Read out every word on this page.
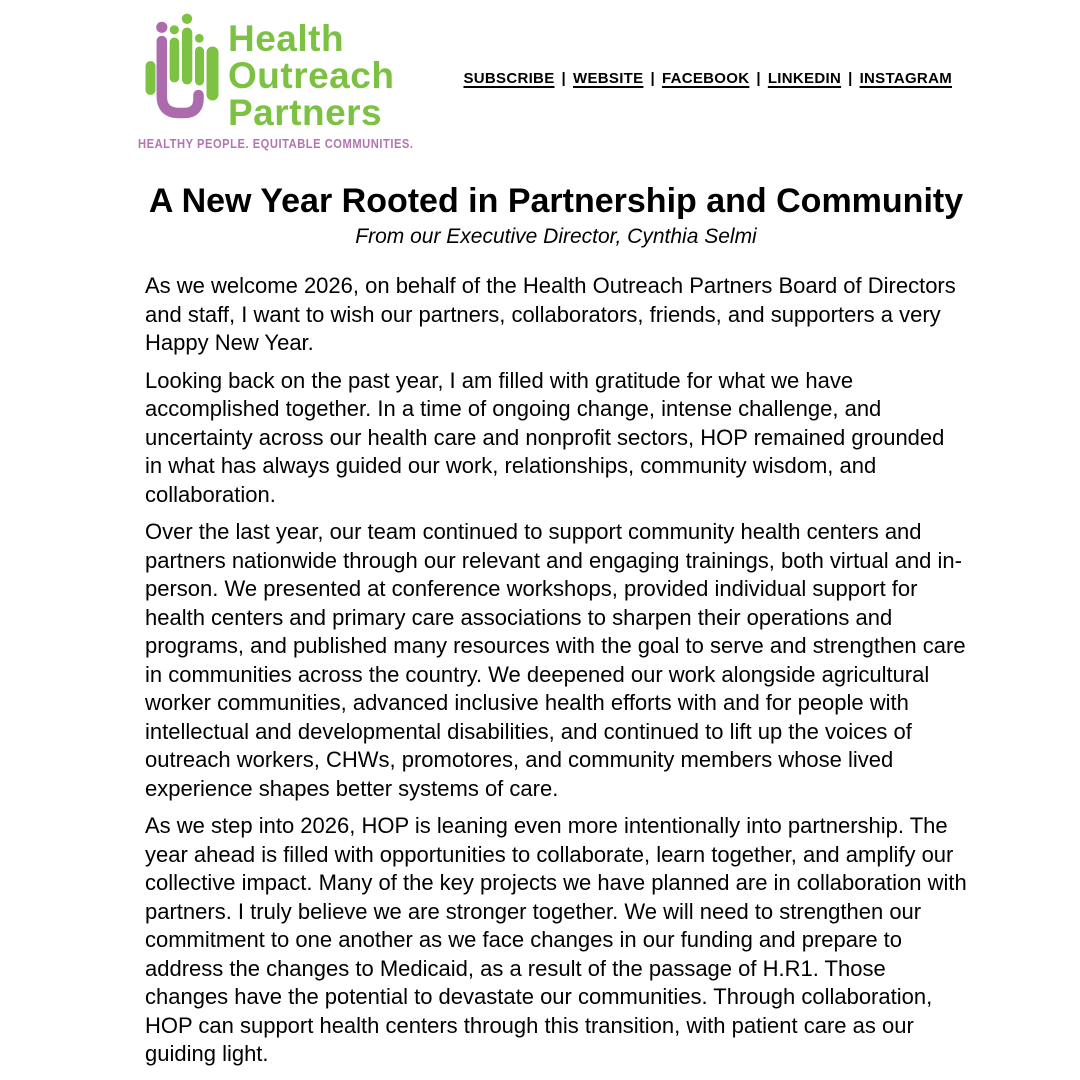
Health
Outreach
Partners
HEALTHY PEOPLE. EQUITABLE COMMUNITIES.
SUBSCRIBE | WEBSITE | FACEBOOK | LINKEDIN | INSTAGRAM
A New Year Rooted in Partnership and Community
From our Executive Director, Cynthia Selmi

As we welcome 2026, on behalf of the Health Outreach Partners Board of Directors and staff, I want to wish our partners, collaborators, friends, and supporters a very Happy New Year.

Looking back on the past year, I am filled with gratitude for what we have accomplished together. In a time of ongoing change, intense challenge, and uncertainty across our health care and nonprofit sectors, HOP remained grounded in what has always guided our work, relationships, community wisdom, and collaboration.

Over the last year, our team continued to support community health centers and partners nationwide through our relevant and engaging trainings, both virtual and in-person. We presented at conference workshops, provided individual support for health centers and primary care associations to sharpen their operations and programs, and published many resources with the goal to serve and strengthen care in communities across the country. We deepened our work alongside agricultural worker communities, advanced inclusive health efforts with and for people with intellectual and developmental disabilities, and continued to lift up the voices of outreach workers, CHWs, promotores, and community members whose lived experience shapes better systems of care.

As we step into 2026, HOP is leaning even more intentionally into partnership. The year ahead is filled with opportunities to collaborate, learn together, and amplify our collective impact. Many of the key projects we have planned are in collaboration with partners. I truly believe we are stronger together. We will need to strengthen our commitment to one another as we face changes in our funding and prepare to address the changes to Medicaid, as a result of the passage of H.R1. Those changes have the potential to devastate our communities. Through collaboration, HOP can support health centers through this transition, with patient care as our guiding light.
